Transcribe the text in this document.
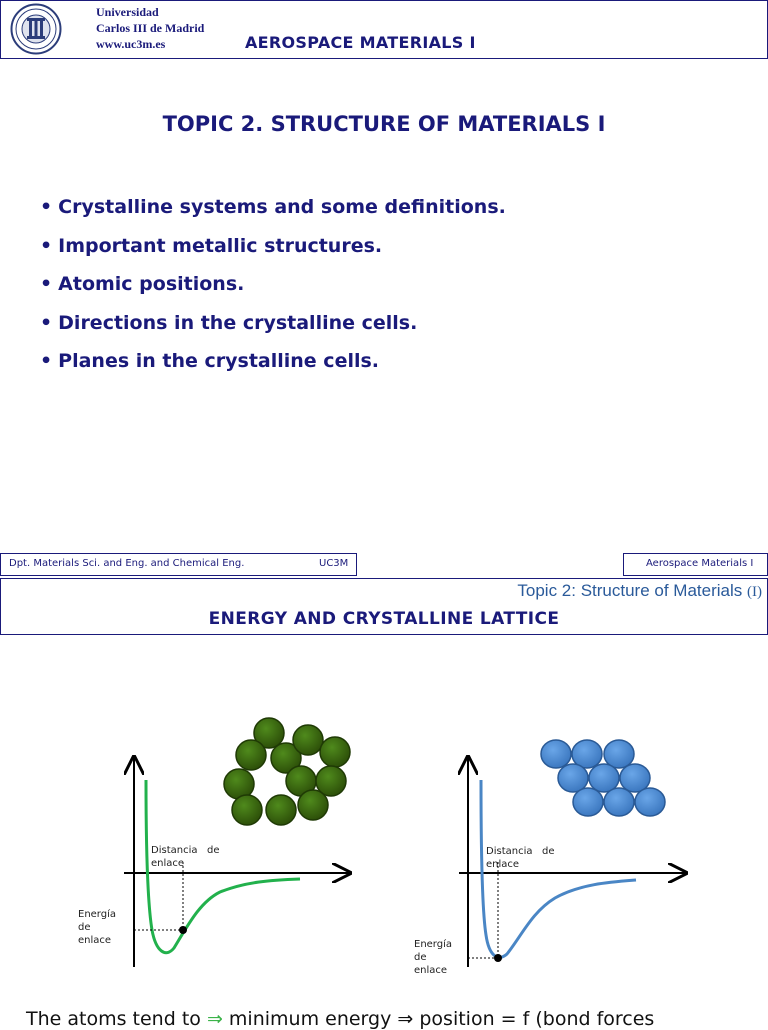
Universidad
Carlos III de Madrid
www.uc3m.es	AEROSPACE MATERIALS I
TOPIC 2. STRUCTURE OF MATERIALS I
• Crystalline systems and some definitions.
• Important metallic structures.
• Atomic positions.
• Directions in the crystalline cells.
• Planes in the crystalline cells.
Dpt. Materials Sci. and Eng. and Chemical Eng.	UC3M	Aerospace Materials I
Topic 2: Structure of Materials (I)
ENERGY AND CRYSTALLINE LATTICE
Distancia   de
enlace
Energía
de
enlace
Distancia   de
enlace
Energía
de
enlace
The atoms tend to ⇒ minimum energy ⇒ position = f (bond forces
